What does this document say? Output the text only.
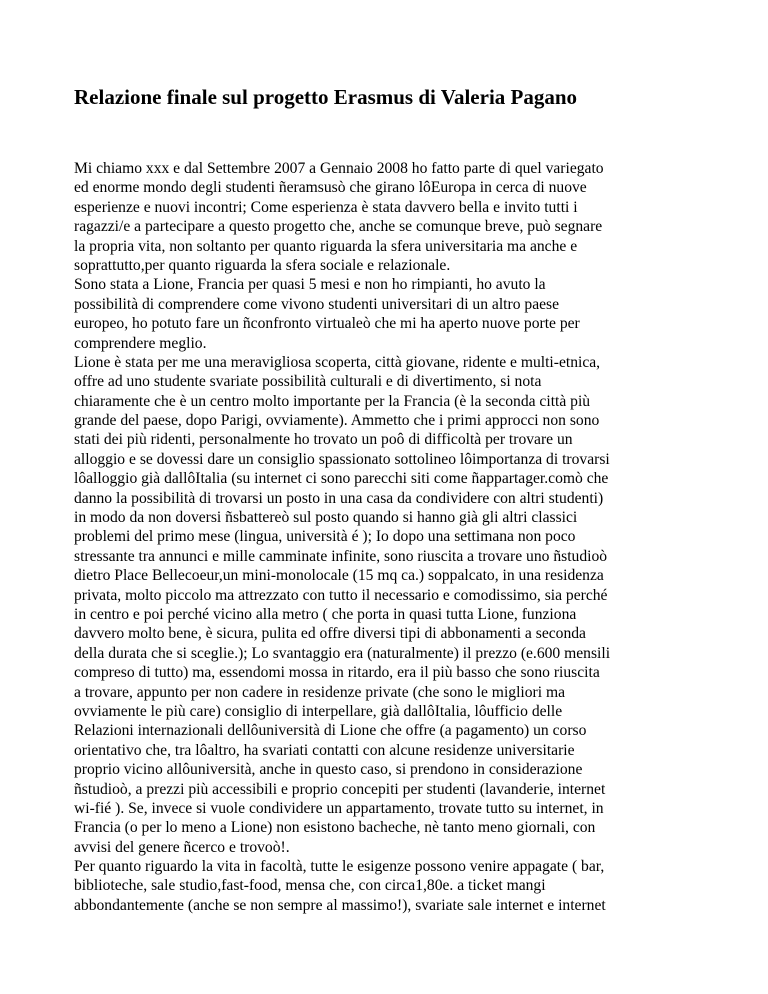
Relazione finale sul progetto Erasmus di Valeria Pagano
Mi chiamo xxx e dal Settembre 2007 a Gennaio 2008 ho fatto parte di quel variegato
ed enorme mondo degli studenti ñeramsusò che girano lôEuropa in cerca di nuove
esperienze e nuovi incontri; Come esperienza è stata davvero bella e invito tutti i
ragazzi/e a partecipare a questo progetto che, anche se comunque breve, può segnare
la propria vita, non soltanto per quanto riguarda la sfera universitaria ma anche e
soprattutto,per quanto riguarda la sfera sociale e relazionale.
Sono stata a Lione, Francia per quasi 5 mesi e non ho rimpianti, ho avuto la
possibilità di comprendere come vivono studenti universitari di un altro paese
europeo, ho potuto fare un ñconfronto virtualeò che mi ha aperto nuove porte per
comprendere meglio.
Lione è stata per me una meravigliosa scoperta, città giovane, ridente e multi-etnica,
offre ad uno studente svariate possibilità culturali e di divertimento, si nota
chiaramente che è un centro molto importante per la Francia (è la seconda città più
grande del paese, dopo Parigi, ovviamente). Ammetto che i primi approcci non sono
stati dei più ridenti, personalmente ho trovato un poô di difficoltà per trovare un
alloggio e se dovessi dare un consiglio spassionato sottolineo lôimportanza di trovarsi
lôalloggio già dallôItalia (su internet ci sono parecchi siti come ñappartager.comò che
danno la possibilità di trovarsi un posto in una casa da condividere con altri studenti)
in modo da non doversi ñsbattereò sul posto quando si hanno già gli altri classici
problemi del primo mese (lingua, università é ); Io dopo una settimana non poco
stressante tra annunci e mille camminate infinite, sono riuscita a trovare uno ñstudioò
dietro Place Bellecoeur,un mini-monolocale (15 mq ca.) soppalcato, in una residenza
privata, molto piccolo ma attrezzato con tutto il necessario e comodissimo, sia perché
in centro e poi perché vicino alla metro ( che porta in quasi tutta Lione, funziona
davvero molto bene, è sicura, pulita ed offre diversi tipi di abbonamenti a seconda
della durata che si sceglie.); Lo svantaggio era (naturalmente) il prezzo (e.600 mensili
compreso di tutto) ma, essendomi mossa in ritardo, era il più basso che sono riuscita
a trovare, appunto per non cadere in residenze private (che sono le migliori ma
ovviamente le più care) consiglio di interpellare, già dallôItalia, lôufficio delle
Relazioni internazionali dellôuniversità di Lione che offre (a pagamento) un corso
orientativo che, tra lôaltro, ha svariati contatti con alcune residenze universitarie
proprio vicino allôuniversità, anche in questo caso, si prendono in considerazione
ñstudioò, a prezzi più accessibili e proprio concepiti per studenti (lavanderie, internet
wi-fié ). Se, invece si vuole condividere un appartamento, trovate tutto su internet, in
Francia (o per lo meno a Lione) non esistono bacheche, nè tanto meno giornali, con
avvisi del genere ñcerco e trovoò!.
Per quanto riguardo la vita in facoltà, tutte le esigenze possono venire appagate ( bar,
biblioteche, sale studio,fast-food, mensa che, con circa1,80e. a ticket mangi
abbondantemente (anche se non sempre al massimo!), svariate sale internet e internet
